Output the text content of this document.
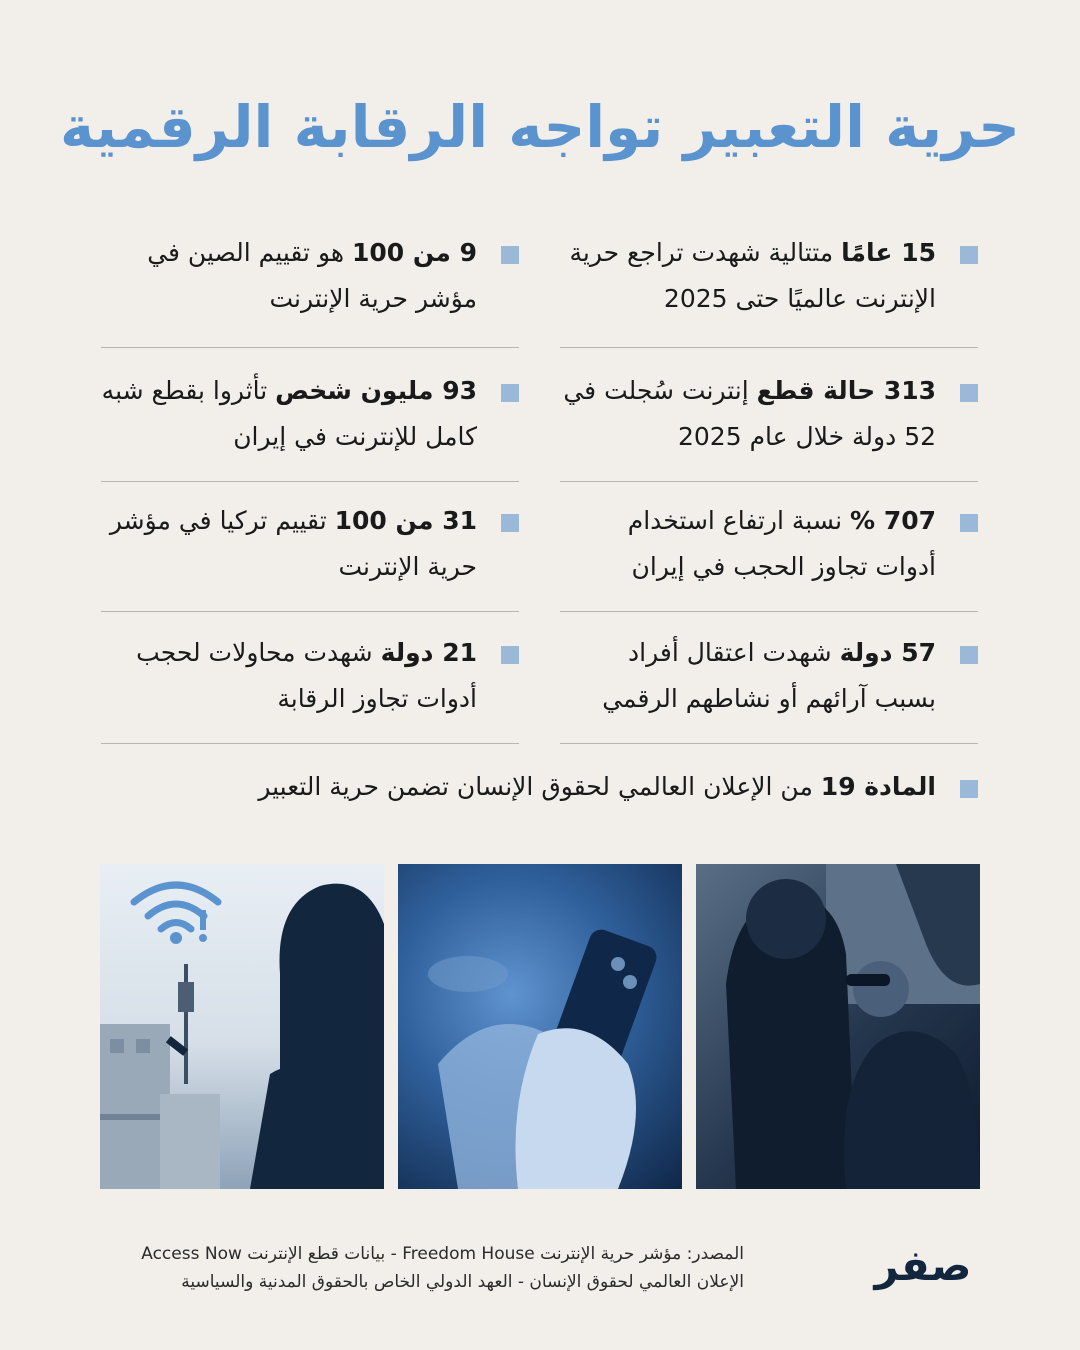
حرية التعبير تواجه الرقابة الرقمية
15 عامًا متتالية شهدت تراجع حرية الإنترنت عالميًا حتى 2025
313 حالة قطع إنترنت سُجلت في 52 دولة خلال عام 2025
707 % نسبة ارتفاع استخدام أدوات تجاوز الحجب في إيران
57 دولة شهدت اعتقال أفراد بسبب آرائهم أو نشاطهم الرقمي
9 من 100 هو تقييم الصين في مؤشر حرية الإنترنت
93 مليون شخص تأثروا بقطع شبه كامل للإنترنت في إيران
31 من 100 تقييم تركيا في مؤشر حرية الإنترنت
21 دولة شهدت محاولات لحجب أدوات تجاوز الرقابة
المادة 19 من الإعلان العالمي لحقوق الإنسان تضمن حرية التعبير
المصدر: مؤشر حرية الإنترنت Freedom House - بيانات قطع الإنترنت Access Now
الإعلان العالمي لحقوق الإنسان - العهد الدولي الخاص بالحقوق المدنية والسياسية	صفر
